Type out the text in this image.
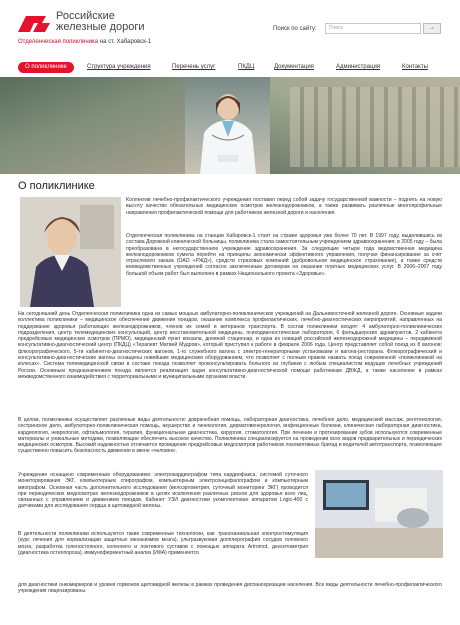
Российские
железные дороги
Отделенческая поликлиника на ст. Хабаровск-1
Поиск по сайту:	Поиск	→
О поликлинике	Структура учреждения	Перечень услуг	ПКДЦ	Документация	Администрация	Контакты
О поликлинике
Коллектив лечебно-профилактического учреждения поставил перед собой задачу государственной важности – поднять на новую высоту качество обязательных медицинских осмотров железнодорожников, а также развивать различные многопрофильные направления профилактической помощи для работников железной дороги и населения.
Отделенческая поликлиника на станции Хабаровск-1 стоит на страже здоровья уже более 70 лет. В 1997 году, выделившись из состава Дорожной клинической больницы, поликлиника стала самостоятельным учреждением здравоохранения; в 2005 году – была преобразована в негосударственное учреждение здравоохранения. За следующие четыре года ведомственная медицина железнодорожников сумела перейти на принципы экономически эффективного управления, получая финансирование за счёт отраслевого заказа (ОАО «РЖД»), средств страховых компаний (добровольное медицинское страхование), а также средств вневедомственных учреждений согласно заключенным договорам на оказание платных медицинских услуг. В 2006–2007 году большой объем работ был выполнен в рамках Национального проекта «Здоровье».
На сегодняшний день Отделенческая поликлиника одна из самых мощных амбулаторно-поликлинических учреждений на Дальневосточной железной дороге. Основные задачи коллектива поликлиники – медицинское обеспечение движения поездов, оказание комплекса профилактических, лечебно-диагностических мероприятий, направленных на поддержание здоровья работающих железнодорожников, членов их семей и ветеранов транспорта. В состав поликлиники входят: 4 амбулаторно-поликлинических подразделения, центр телемедицинских консультаций, центр восстановительной медицины, психодиагностическая лаборатория, 6 фельдшерских здравпунктов, 2 кабинета предрейсовых медицинских осмотров (ПРМО), медицинский пункт вокзала, дневной стационар, и одна из новаций российской железнодорожной медицины – передвижной консультативно-диагностический центр (ПКДЦ) «Терапевт Матвей Мудров», который приступил к работе в феврале 2006 года. Центр представляет собой поезд из 8 вагонов: флюорографического, 5-ти кабинетно-диагностических вагонов, 1-го служебного вагона с электро-генераторными установками и вагона-ресторана. Флюорографический и консультативно-диагностические вагоны оснащены новейшим медицинским оборудованием, что позволяет с полным правом назвать поезд современной «поликлиникой на колесах». Система телемедицинской связи в составе поезда позволяет проконсультировать больного из глубинки с любым специалистом ведущих лечебных учреждений России. Основным предназначением поезда является реализация задач консультативно-диагностической помощи работникам ДВЖД, а также население в рамках межведомственного взаимодействия с территориальными и муниципальными органами власти.
В целом, поликлиника осуществляет различные виды деятельности: доврачебная помощь, лабораторная диагностика, лечебное дело, медицинский массаж, рентгенология, сестринское дело, амбулаторно-поликлиническая помощь, акушерство и гинекология, дерматовенерология, инфекционные болезни, клиническая лабораторная диагностика, кардиология, неврология, офтальмология, терапия, функциональная диагностика, хирургия, стоматология. При лечении и протезировании зубов используются современные материалы и уникальные методики, позволяющие обеспечить высокое качество. Поликлиника специализируется на проведении всех видов предварительных и периодических медицинских осмотров. Высокий надежностью отличается проведение предрейсовых медосмотров работников локомотивных бригад и водителей автотранспорта, позволяющее существенно повысить безопасность движения в звене «человек».
Учреждение оснащено современным оборудованием: электрокардиографом типа кардиофакса, системой суточного мониторирования ЭКГ, компьютерным спирографом, компьютерным электроэнцефалографом и компьютерным миографом. Основная часть дополнительного исследования (велоэргометрия, суточный мониторинг ЭКГ) проводится при периодических медосмотрах железнодорожников в целях исключения различных рисков для здоровья всех лиц, связанных с управлением и движением поездов. Кабинет УЗИ диагностики укомплектован аппаратом Logic-400 с датчиками для исследования сердца и щитовидной железы.
В деятельности поликлиники используются такие современные технологии, как: трансканиальная электростимуляция (курс лечения для нормализации защитных механизмов мозга), ультразвуковая допплерография сосудов головного мозга, разработка голеностопного, коленного и локтевого суставов с помощью аппарата Artromot, денситометрия (диагностика остеопороза), иммуноферментный анализ (ИФА) применяется
для диагностики онкомаркеров и уровня гормонов щитовидной железы в рамках проведения диспансеризации населения. Все виды деятельности лечебно-профилактического учреждения лицензированы.
